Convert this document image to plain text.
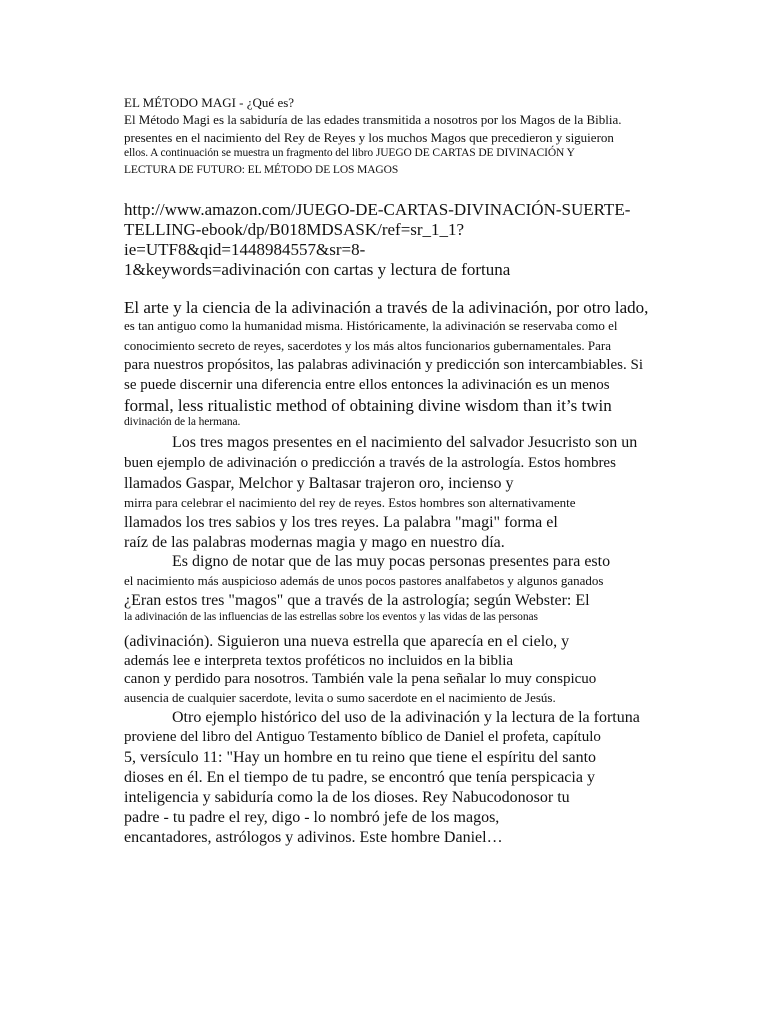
EL MÉTODO MAGI - ¿Qué es?
El Método Magi es la sabiduría de las edades transmitida a nosotros por los Magos de la Biblia.
presentes en el nacimiento del Rey de Reyes y los muchos Magos que precedieron y siguieron
ellos. A continuación se muestra un fragmento del libro JUEGO DE CARTAS DE DIVINACIÓN Y
LECTURA DE FUTURO: EL MÉTODO DE LOS MAGOS
http://www.amazon.com/JUEGO-DE-CARTAS-DIVINACIÓN-SUERTE-
TELLING-ebook/dp/B018MDSASK/ref=sr_1_1?
ie=UTF8&qid=1448984557&sr=8-
1&keywords=adivinación con cartas y lectura de fortuna
El arte y la ciencia de la adivinación a través de la adivinación, por otro lado,
es tan antiguo como la humanidad misma. Históricamente, la adivinación se reservaba como el
conocimiento secreto de reyes, sacerdotes y los más altos funcionarios gubernamentales. Para
para nuestros propósitos, las palabras adivinación y predicción son intercambiables. Si
se puede discernir una diferencia entre ellos entonces la adivinación es un menos
formal, less ritualistic method of obtaining divine wisdom than it’s twin
divinación de la hermana.
Los tres magos presentes en el nacimiento del salvador Jesucristo son un
buen ejemplo de adivinación o predicción a través de la astrología. Estos hombres
llamados Gaspar, Melchor y Baltasar trajeron oro, incienso y
mirra para celebrar el nacimiento del rey de reyes. Estos hombres son alternativamente
llamados los tres sabios y los tres reyes. La palabra "magi" forma el
raíz de las palabras modernas magia y mago en nuestro día.
Es digno de notar que de las muy pocas personas presentes para esto
el nacimiento más auspicioso además de unos pocos pastores analfabetos y algunos ganados
¿Eran estos tres "magos" que a través de la astrología; según Webster: El
la adivinación de las influencias de las estrellas sobre los eventos y las vidas de las personas
(adivinación). Siguieron una nueva estrella que aparecía en el cielo, y
además lee e interpreta textos proféticos no incluidos en la biblia
canon y perdido para nosotros. También vale la pena señalar lo muy conspicuo
ausencia de cualquier sacerdote, levita o sumo sacerdote en el nacimiento de Jesús.
Otro ejemplo histórico del uso de la adivinación y la lectura de la fortuna
proviene del libro del Antiguo Testamento bíblico de Daniel el profeta, capítulo
5, versículo 11: "Hay un hombre en tu reino que tiene el espíritu del santo
dioses en él. En el tiempo de tu padre, se encontró que tenía perspicacia y
inteligencia y sabiduría como la de los dioses. Rey Nabucodonosor tu
padre - tu padre el rey, digo - lo nombró jefe de los magos,
encantadores, astrólogos y adivinos. Este hombre Daniel…
